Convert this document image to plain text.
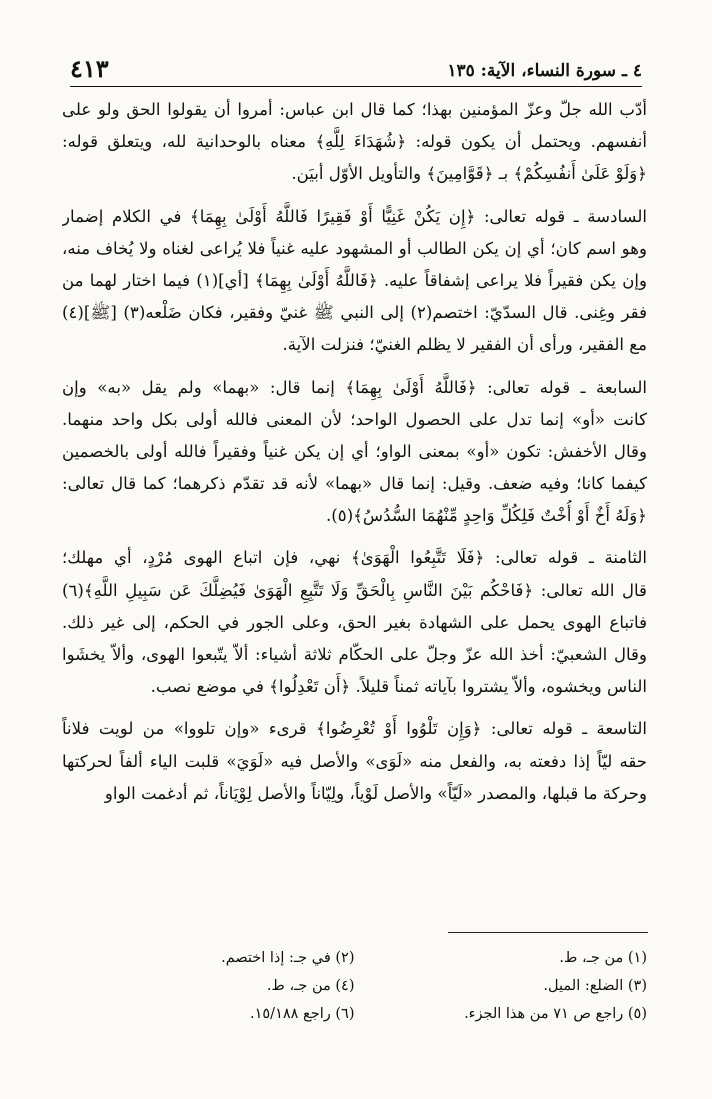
٤ ـ سورة النساء، الآية: ١٣٥
٤١٣
أدّب الله جلّ وعزّ المؤمنين بهذا؛ كما قال ابن عباس: أمروا أن يقولوا الحق ولو على
أنفسهم. ويحتمل أن يكون قوله: ﴿شُهَدَاءَ لِلَّهِ﴾ معناه بالوحدانية لله، ويتعلق قوله:
﴿وَلَوْ عَلَىٰ أَنفُسِكُمْ﴾ بـ ﴿قَوَّامِينَ﴾ والتأويل الأوّل أبيَن.
السادسة ـ قوله تعالى: ﴿إِن يَكُنْ غَنِيًّا أَوْ فَقِيرًا فَاللَّهُ أَوْلَىٰ بِهِمَا﴾ في الكلام إضمار
وهو اسم كان؛ أي إن يكن الطالب أو المشهود عليه غنياً فلا يُراعى لغناه ولا يُخاف منه،
وإن يكن فقيراً فلا يراعى إشفاقاً عليه. ﴿فَاللَّهُ أَوْلَىٰ بِهِمَا﴾ [أي](١) فيما اختار لهما من
فقر وغِنى. قال السدّيّ: اختصم(٢) إلى النبي ﷺ غنيّ وفقير، فكان ضَلْعه(٣) [ﷺ](٤)
مع الفقير، ورأى أن الفقير لا يظلم الغنيّ؛ فنزلت الآية.
السابعة ـ قوله تعالى: ﴿فَاللَّهُ أَوْلَىٰ بِهِمَا﴾ إنما قال: «بهما» ولم يقل «به» وإن
كانت «أو» إنما تدل على الحصول الواحد؛ لأن المعنى فالله أولى بكل واحد منهما.
وقال الأخفش: تكون «أو» بمعنى الواو؛ أي إن يكن غنياً وفقيراً فالله أولى بالخصمين
كيفما كانا؛ وفيه ضعف. وقيل: إنما قال «بهما» لأنه قد تقدّم ذكرهما؛ كما قال تعالى:
﴿وَلَهُ أَخٌ أَوْ أُخْتٌ فَلِكُلِّ وَاحِدٍ مِّنْهُمَا السُّدُسُ﴾(٥).
الثامنة ـ قوله تعالى: ﴿فَلَا تَتَّبِعُوا الْهَوَىٰ﴾ نهي، فإن اتباع الهوى مُرْدٍ، أي مهلك؛
قال الله تعالى: ﴿فَاحْكُم بَيْنَ النَّاسِ بِالْحَقِّ وَلَا تَتَّبِعِ الْهَوَىٰ فَيُضِلَّكَ عَن سَبِيلِ اللَّهِ﴾(٦)
فاتباع الهوى يحمل على الشهادة بغير الحق، وعلى الجور في الحكم، إلى غير ذلك.
وقال الشعبيّ: أخذ الله عزّ وجلّ على الحكّام ثلاثة أشياء: ألاّ يتّبعوا الهوى، وألاّ يخشَوا
الناس ويخشوه، وألاّ يشتروا بآياته ثمناً قليلاً. ﴿أَن تَعْدِلُوا﴾ في موضع نصب.
التاسعة ـ قوله تعالى: ﴿وَإِن تَلْوُوا أَوْ تُعْرِضُوا﴾ قرىء «وإن تلووا» من لويت فلاناً
حقه ليّاً إذا دفعته به، والفعل منه «لَوَى» والأصل فيه «لَوَيَ» قلبت الياء ألفاً لحركتها
وحركة ما قبلها، والمصدر «لَيّاً» والأصل لَوْياً، ولِيّاناً والأصل لِوْيَاناً، ثم أدغمت الواو
(١) من جـ، ط.
(٢) في جـ: إذا اختصم.
(٣) الضلع: الميل.
(٤) من جـ، ط.
(٥) راجع ص ٧١ من هذا الجزء.
(٦) راجع ١٥/١٨٨.
